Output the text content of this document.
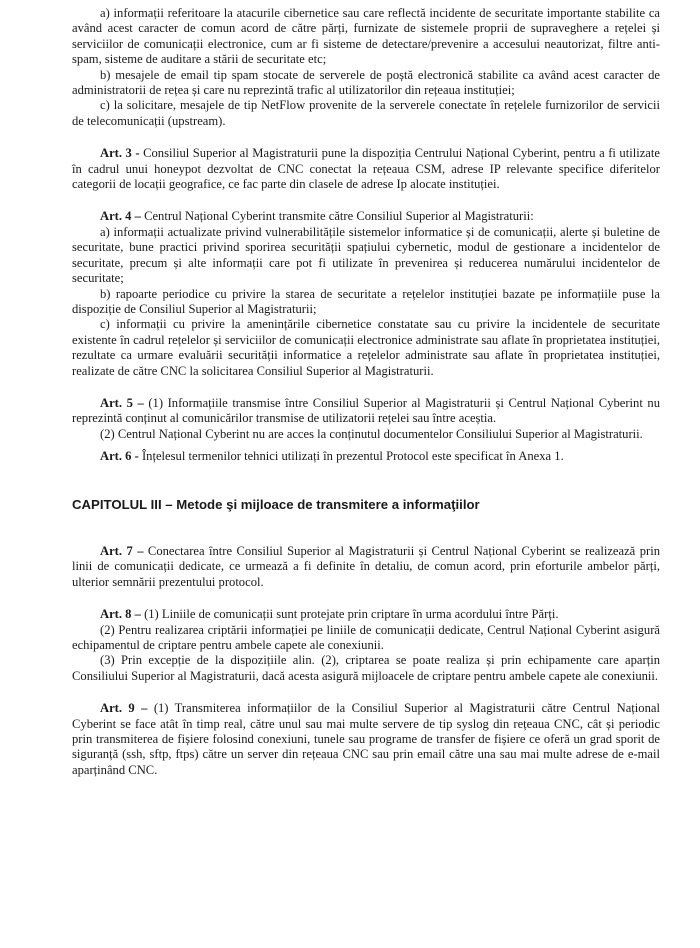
a) informații referitoare la atacurile cibernetice sau care reflectă incidente de securitate importante stabilite ca având acest caracter de comun acord de către părți, furnizate de sistemele proprii de supraveghere a rețelei și serviciilor de comunicații electronice, cum ar fi sisteme de detectare/prevenire a accesului neautorizat, filtre anti-spam, sisteme de auditare a stării de securitate etc;

b) mesajele de email tip spam stocate de serverele de poștă electronică stabilite ca având acest caracter de administratorii de rețea și care nu reprezintă trafic al utilizatorilor din rețeaua instituției;

c) la solicitare, mesajele de tip NetFlow provenite de la serverele conectate în rețelele furnizorilor de servicii de telecomunicații (upstream).

Art. 3 - Consiliul Superior al Magistraturii pune la dispoziția Centrului Național Cyberint, pentru a fi utilizate în cadrul unui honeypot dezvoltat de CNC conectat la rețeaua CSM, adrese IP relevante specifice diferitelor categorii de locații geografice, ce fac parte din clasele de adrese Ip alocate instituției.

Art. 4 – Centrul Național Cyberint transmite către Consiliul Superior al Magistraturii:

a) informații actualizate privind vulnerabilitățile sistemelor informatice și de comunicații, alerte și buletine de securitate, bune practici privind sporirea securității spațiului cybernetic, modul de gestionare a incidentelor de securitate, precum și alte informații care pot fi utilizate în prevenirea și reducerea numărului incidentelor de securitate;

b) rapoarte periodice cu privire la starea de securitate a rețelelor instituției bazate pe informațiile puse la dispoziție de Consiliul Superior al Magistraturii;

c) informații cu privire la amenințările cibernetice constatate sau cu privire la incidentele de securitate existente în cadrul rețelelor și serviciilor de comunicații electronice administrate sau aflate în proprietatea instituției, rezultate ca urmare evaluării securității informatice a rețelelor administrate sau aflate în proprietatea instituției, realizate de către CNC la solicitarea Consiliul Superior al Magistraturii.

Art. 5 – (1) Informațiile transmise între Consiliul Superior al Magistraturii și Centrul Național Cyberint nu reprezintă conținut al comunicărilor transmise de utilizatorii rețelei sau între aceștia.

(2) Centrul Național Cyberint nu are acces la conținutul documentelor Consiliului Superior al Magistraturii.

Art. 6 - Înțelesul termenilor tehnici utilizați în prezentul Protocol este specificat în Anexa 1.

CAPITOLUL III – Metode şi mijloace de transmitere a informaţiilor

Art. 7 – Conectarea între Consiliul Superior al Magistraturii și Centrul Național Cyberint se realizează prin linii de comunicații dedicate, ce urmează a fi definite în detaliu, de comun acord, prin eforturile ambelor părți, ulterior semnării prezentului protocol.

Art. 8 – (1) Liniile de comunicații sunt protejate prin criptare în urma acordului între Părți.

(2) Pentru realizarea criptării informației pe liniile de comunicații dedicate, Centrul Național Cyberint asigură echipamentul de criptare pentru ambele capete ale conexiunii.

(3) Prin excepție de la dispozițiile alin. (2), criptarea se poate realiza și prin echipamente care aparțin Consiliului Superior al Magistraturii, dacă acesta asigură mijloacele de criptare pentru ambele capete ale conexiunii.

Art. 9 – (1) Transmiterea informațiilor de la Consiliul Superior al Magistraturii către Centrul Național Cyberint se face atât în timp real, către unul sau mai multe servere de tip syslog din rețeaua CNC, cât și periodic prin transmiterea de fișiere folosind conexiuni, tunele sau programe de transfer de fișiere ce oferă un grad sporit de siguranță (ssh, sftp, ftps) către un server din rețeaua CNC sau prin email către una sau mai multe adrese de e-mail aparținând CNC.
